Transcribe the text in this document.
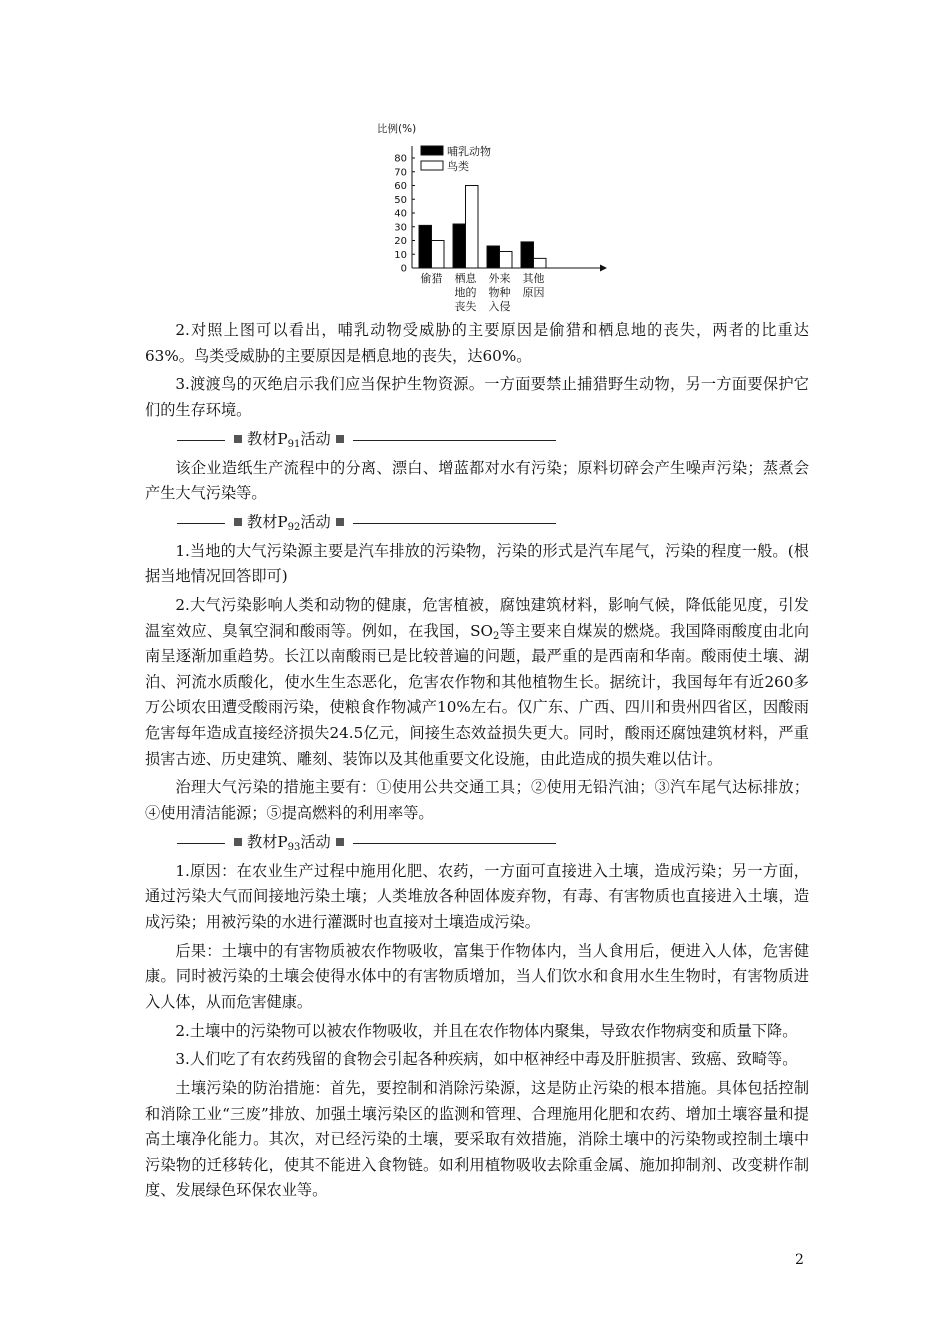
比例(%)
0
10
20
30
40
50
60
70
80
偷猎 栖息
地的
丧失
外来
物种
入侵
其他
原因
哺乳动物
鸟类

2.对照上图可以看出，哺乳动物受威胁的主要原因是偷猎和栖息地的丧失，两者的比重达63%。鸟类受威胁的主要原因是栖息地的丧失，达60%。

3.渡渡鸟的灭绝启示我们应当保护生物资源。一方面要禁止捕猎野生动物，另一方面要保护它们的生存环境。

教材$P_{91}$活动

该企业造纸生产流程中的分离、漂白、增蓝都对水有污染；原料切碎会产生噪声污染；蒸煮会产生大气污染等。

教材$P_{92}$活动

1.当地的大气污染源主要是汽车排放的污染物，污染的形式是汽车尾气，污染的程度一般。(根据当地情况回答即可)

2.大气污染影响人类和动物的健康，危害植被，腐蚀建筑材料，影响气候，降低能见度，引发温室效应、臭氧空洞和酸雨等。例如，在我国，$SO_2$等主要来自煤炭的燃烧。我国降雨酸度由北向南呈逐渐加重趋势。长江以南酸雨已是比较普遍的问题，最严重的是西南和华南。酸雨使土壤、湖泊、河流水质酸化，使水生生态恶化，危害农作物和其他植物生长。据统计，我国每年有近260多万公顷农田遭受酸雨污染，使粮食作物减产10%左右。仅广东、广西、四川和贵州四省区，因酸雨危害每年造成直接经济损失24.5亿元，间接生态效益损失更大。同时，酸雨还腐蚀建筑材料，严重损害古迹、历史建筑、雕刻、装饰以及其他重要文化设施，由此造成的损失难以估计。

治理大气污染的措施主要有：①使用公共交通工具；②使用无铅汽油；③汽车尾气达标排放；④使用清洁能源；⑤提高燃料的利用率等。

教材$P_{93}$活动

1.原因：在农业生产过程中施用化肥、农药，一方面可直接进入土壤，造成污染；另一方面，通过污染大气而间接地污染土壤；人类堆放各种固体废弃物，有毒、有害物质也直接进入土壤，造成污染；用被污染的水进行灌溉时也直接对土壤造成污染。

后果：土壤中的有害物质被农作物吸收，富集于作物体内，当人食用后，便进入人体，危害健康。同时被污染的土壤会使得水体中的有害物质增加，当人们饮水和食用水生生物时，有害物质进入人体，从而危害健康。

2.土壤中的污染物可以被农作物吸收，并且在农作物体内聚集，导致农作物病变和质量下降。

3.人们吃了有农药残留的食物会引起各种疾病，如中枢神经中毒及肝脏损害、致癌、致畸等。

土壤污染的防治措施：首先，要控制和消除污染源，这是防止污染的根本措施。具体包括控制和消除工业“三废”排放、加强土壤污染区的监测和管理、合理施用化肥和农药、增加土壤容量和提高土壤净化能力。其次，对已经污染的土壤，要采取有效措施，消除土壤中的污染物或控制土壤中污染物的迁移转化，使其不能进入食物链。如利用植物吸收去除重金属、施加抑制剂、改变耕作制度、发展绿色环保农业等。

2
